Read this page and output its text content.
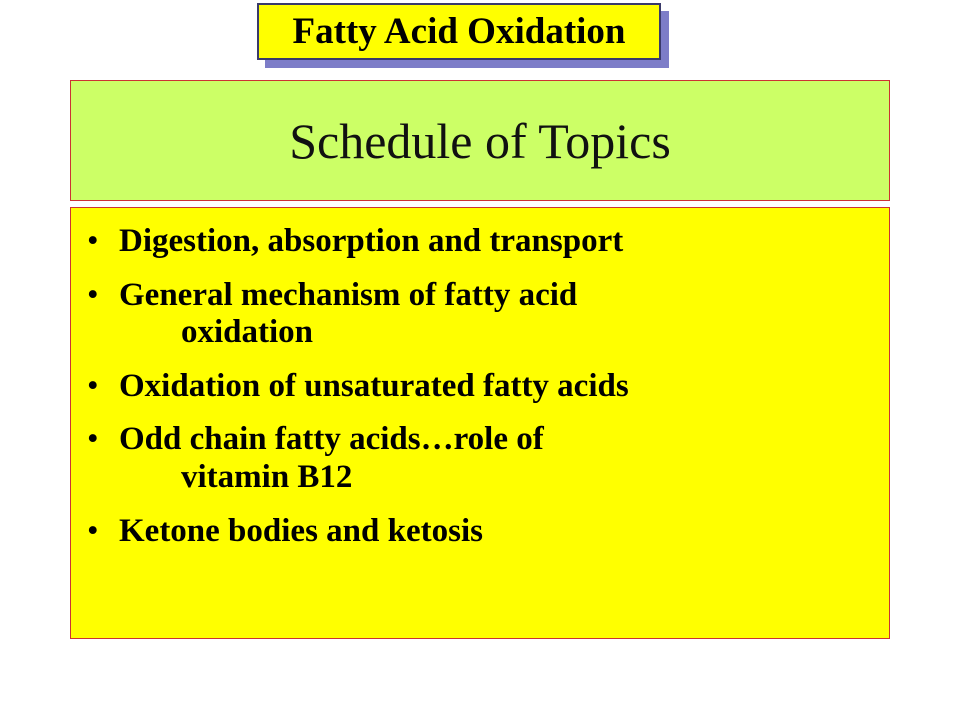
Fatty Acid Oxidation
Schedule of Topics
• Digestion, absorption and transport
• General mechanism of fatty acid
oxidation
• Oxidation of unsaturated fatty acids
• Odd chain fatty acids…role of
vitamin B12
• Ketone bodies and ketosis
